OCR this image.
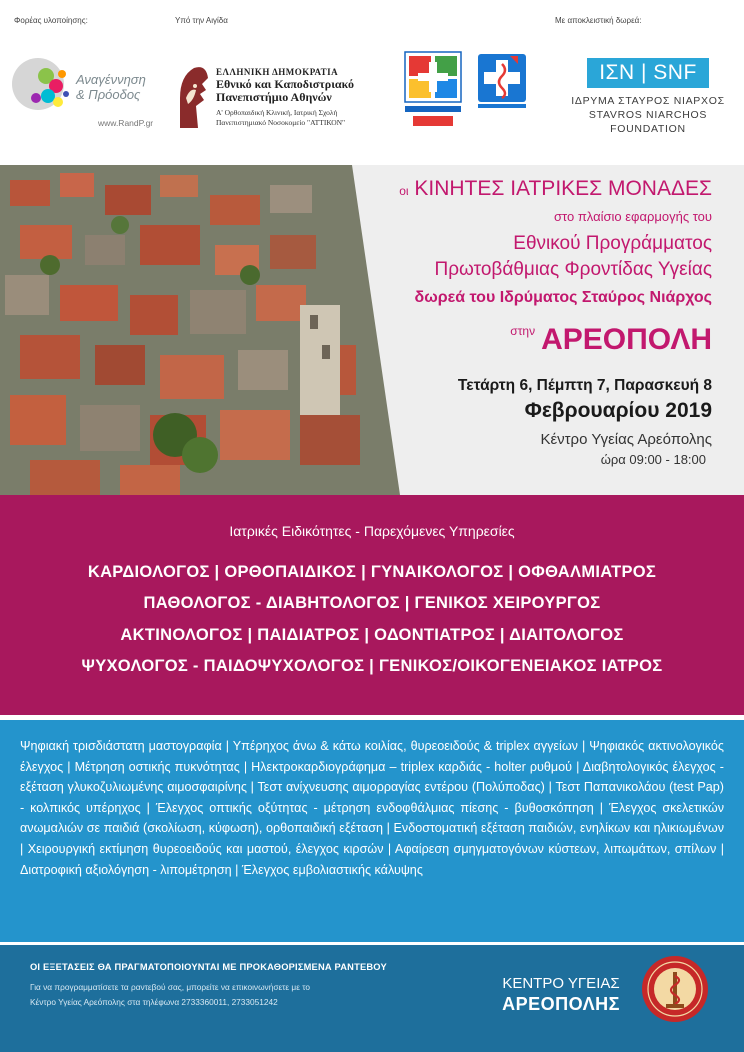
Φορέας υλοποίησης:	Υπό την Αιγίδα	Με αποκλειστική δωρεά:
Αναγέννηση
& Πρόοδος
www.RandP.gr
ΕΛΛΗΝΙΚΗ ΔΗΜΟΚΡΑΤΙΑ
Εθνικό και Καποδιστριακό
Πανεπιστήμιο Αθηνών
Α' Ορθοπαιδική Κλινική, Ιατρική Σχολή
Πανεπιστημιακό Νοσοκομείο "ΑΤΤΙΚΟΝ"
ΙΣΝ | SNF
ΙΔΡΥΜΑ ΣΤΑΥΡΟΣ ΝΙΑΡΧΟΣ
STAVROS NIARCHOS
FOUNDATION
οι ΚΙΝΗΤΕΣ ΙΑΤΡΙΚΕΣ ΜΟΝΑΔΕΣ
στο πλαίσιο εφαρμογής του
Εθνικού Προγράμματος
Πρωτοβάθμιας Φροντίδας Υγείας
δωρεά του Ιδρύματος Σταύρος Νιάρχος
$^{\sigma\tau\eta\nu}$ ΑΡΕΟΠΟΛΗ
Τετάρτη 6, Πέμπτη 7, Παρασκευή 8
Φεβρουαρίου 2019
Κέντρο Υγείας Αρεόπολης
ώρα 09:00 - 18:00
Ιατρικές Ειδικότητες - Παρεχόμενες Υπηρεσίες
ΚΑΡΔΙΟΛΟΓΟΣ | ΟΡΘΟΠΑΙΔΙΚΟΣ | ΓΥΝΑΙΚΟΛΟΓΟΣ | ΟΦΘΑΛΜΙΑΤΡΟΣ
ΠΑΘΟΛΟΓΟΣ - ΔΙΑΒΗΤΟΛΟΓΟΣ | ΓΕΝΙΚΟΣ ΧΕΙΡΟΥΡΓΟΣ
ΑΚΤΙΝΟΛΟΓΟΣ | ΠΑΙΔΙΑΤΡΟΣ | ΟΔΟΝΤΙΑΤΡΟΣ | ΔΙΑΙΤΟΛΟΓΟΣ
ΨΥΧΟΛΟΓΟΣ - ΠΑΙΔΟΨΥΧΟΛΟΓΟΣ | ΓΕΝΙΚΟΣ/ΟΙΚΟΓΕΝΕΙΑΚΟΣ ΙΑΤΡΟΣ
Ψηφιακή τρισδιάστατη μαστογραφία | Υπέρηχος άνω & κάτω κοιλίας, θυρεοειδούς & triplex αγγείων | Ψηφιακός ακτινολογικός έλεγχος | Μέτρηση οστικής πυκνότητας | Ηλεκτροκαρδιογράφημα – triplex καρδιάς - holter ρυθμού | Διαβητολογικός έλεγχος - εξέταση γλυκοζυλιωμένης αιμοσφαιρίνης | Τεστ ανίχνευσης αιμορραγίας εντέρου (Πολύποδας) | Τεστ Παπανικολάου (test Pap) - κολπικός υπέρηχος | Έλεγχος οπτικής οξύτητας - μέτρηση ενδοφθάλμιας πίεσης - βυθοσκόπηση | Έλεγχος σκελετικών ανωμαλιών σε παιδιά (σκολίωση, κύφωση), ορθοπαιδική εξέταση | Ενδοστοματική εξέταση παιδιών, ενηλίκων και ηλικιωμένων | Χειρουργική εκτίμηση θυρεοειδούς και μαστού, έλεγχος κιρσών | Αφαίρεση σμηγματογόνων κύστεων, λιπωμάτων, σπίλων | Διατροφική αξιολόγηση - λιπομέτρηση | Έλεγχος εμβολιαστικής κάλυψης
ΟΙ ΕΞΕΤΑΣΕΙΣ ΘΑ ΠΡΑΓΜΑΤΟΠΟΙΟΥΝΤΑΙ ΜΕ ΠΡΟΚΑΘΟΡΙΣΜΕΝΑ ΡΑΝΤΕΒΟΥ
Για να προγραμματίσετε τα ραντεβού σας, μπορείτε να επικοινωνήσετε με το
Κέντρο Υγείας Αρεόπολης στα τηλέφωνα 2733360011, 2733051242
ΚΕΝΤΡΟ ΥΓΕΙΑΣ
ΑΡΕΟΠΟΛΗΣ
